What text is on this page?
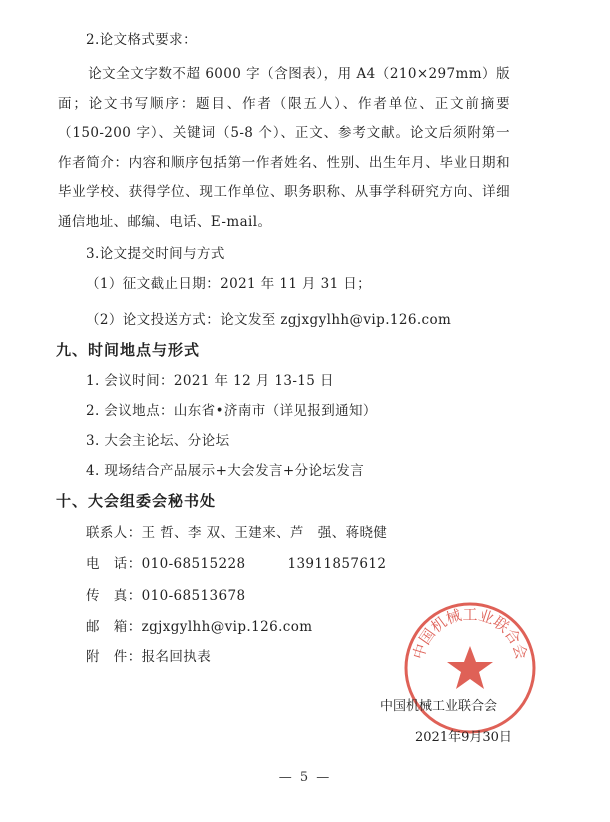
2.论文格式要求：
论文全文字数不超 6000 字（含图表），用 A4（210×297mm）版面；论文书写顺序：题目、作者（限五人）、作者单位、正文前摘要（150-200 字）、关键词（5-8 个）、正文、参考文献。论文后须附第一作者简介：内容和顺序包括第一作者姓名、性别、出生年月、毕业日期和毕业学校、获得学位、现工作单位、职务职称、从事学科研究方向、详细通信地址、邮编、电话、E-mail。
3.论文提交时间与方式
（1）征文截止日期：2021 年 11 月 31 日；
（2）论文投送方式：论文发至 zgjxgylhh@vip.126.com
九、时间地点与形式
1. 会议时间：2021 年 12 月 13-15 日
2. 会议地点：山东省•济南市（详见报到通知）
3. 大会主论坛、分论坛
4. 现场结合产品展示+大会发言+分论坛发言
十、大会组委会秘书处
联系人：王 哲、李 双、王建来、芦　强、蒋晓健
电　话：010-68515228	13911857612
传　真：010-68513678
邮　箱：zgjxgylhh@vip.126.com
附　件：报名回执表	中国机械工业联合会
中国机械工业联合会
2021年9月30日
— 5 —
